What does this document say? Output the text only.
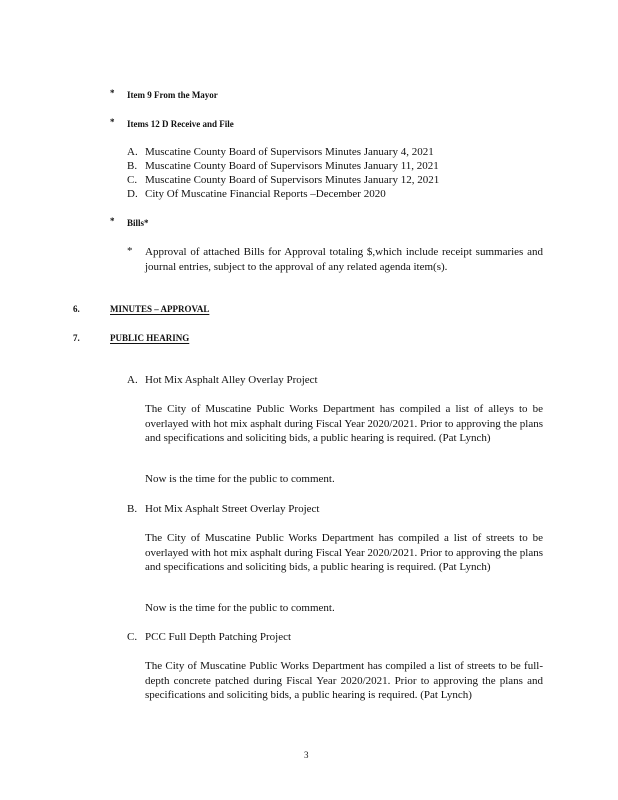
* Item 9 From the Mayor
* Items 12 D Receive and File
A. Muscatine County Board of Supervisors Minutes January 4, 2021
B. Muscatine County Board of Supervisors Minutes January 11, 2021
C. Muscatine County Board of Supervisors Minutes January 12, 2021
D. City Of Muscatine Financial Reports –December 2020
* Bills*
* Approval of attached Bills for Approval totaling $,which include receipt summaries and journal entries, subject to the approval of any related agenda item(s).
6.	MINUTES – APPROVAL
7.	PUBLIC HEARING
A. Hot Mix Asphalt Alley Overlay Project
The City of Muscatine Public Works Department has compiled a list of alleys to be overlayed with hot mix asphalt during Fiscal Year 2020/2021. Prior to approving the plans and specifications and soliciting bids, a public hearing is required. (Pat Lynch)
Now is the time for the public to comment.
B. Hot Mix Asphalt Street Overlay Project
The City of Muscatine Public Works Department has compiled a list of streets to be overlayed with hot mix asphalt during Fiscal Year 2020/2021. Prior to approving the plans and specifications and soliciting bids, a public hearing is required. (Pat Lynch)
Now is the time for the public to comment.
C. PCC Full Depth Patching Project
The City of Muscatine Public Works Department has compiled a list of streets to be full-depth concrete patched during Fiscal Year 2020/2021. Prior to approving the plans and specifications and soliciting bids, a public hearing is required. (Pat Lynch)
3
